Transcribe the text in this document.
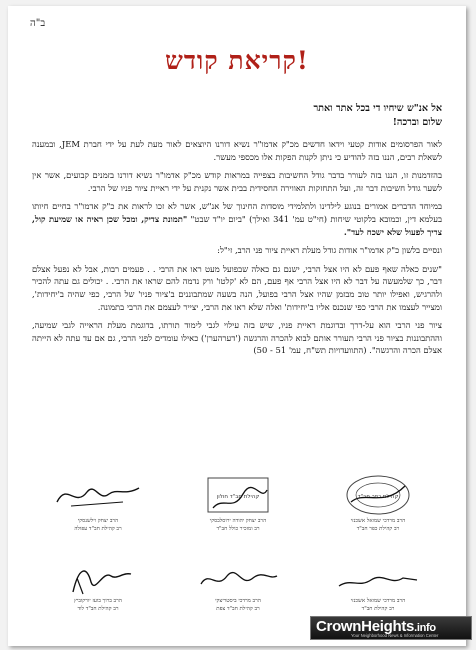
ב"ה
קריאת קודש!

אל אנ"ש שיחיו די בכל אתר ואתר

שלום וברכה!

לאור הפרסומים אודות קטעי וידאו חדשים מכ"ק אדמו"ר נשיא דורנו היוצאים לאור מעת לעת על ידי חברת JEM, ובמענה לשאלת רבים, הננו בזה להודיע כי ניתן לקנות הפקות אלו מכספי מעשר.

בהזדמנות זו, הננו בזה לעורר בדבר גודל החשיבות בצפייה במראות קודש מכ"ק אדמו"ר נשיא דורנו בזמנים קבועים, אשר אין לשער גודל חשיבות דבר זה, ועל התחזקות האווירה החסידית בבית אשר נקנית על ידי ראיית ציור פניו של הרבי.

במיוחד הדברים אמורים בנוגע לילדינו ולתלמידי מוסדות החינוך של אנ"ש, אשר לא זכו לראות את כ"ק אדמו"ר בחיים חיותו בעלמא דין, וכמובא בלקוטי שיחות (חי"ט עמ' 341 ואילך) "ביום יו"ד שבט" "תמונת צדיק, ומכל שכן ראיה או שמיעת קול, צריך לפעול שלא ישכח לעד".

ונסיים בלשון כ"ק אדמו"ר אודות גודל מעלת ראיית ציור פני הרב, זי"ל:

"שנים כאלה שאף פעם לא היו אצל הרבי, ישנם גם כאלה שבפועל מעט ראו את הרבי . . פעמים רבות, אבל לא נפעל אצלם דבר, כך שלמעשה על דבר לא היו אצל הרבי אף פעם, הם לא 'קלטו' ורק נדמה להם שראו את הרבי. . יכולים גם עתה להכיר ולהרגיש, ואפילו יותר טוב מבזמן שהיו אצל הרבי בפועל, הנה בשעה שמתבוננים ב'ציור פניו' של הרבי, כפי שהיה ב'יחידות', ומצייר לעצמו את הרבי כפי שנכנס אליו ב'יחידות' ואלה שלא ראו את הרבי, יצייר לעצמם את הרבי בתמונה.

ציור פני הרבי הוא על-דרך ובדוגמת ראיית פניו, שיש בזה עילוי לגבי לימוד תורתו, בדוגמת מעלת הראייה לגבי שמיעה, וההתבוננות בציור פני הרבי תעורר אותם לבוא להכרה והרגשה ('דערהערן') כאילו עומדים לפני הרבי, גם אם עד עתה לא הייתה אצלם הכרה והרגשה". (התוועדויות תש"ח, עמ' 51 - 50)

קהילת כפר חב"ד
הרב מרדכי שמואל אשכנזי
רב קהילת כפר חב"ד
קהילת חב"ד חולון
הרב יצחק יהודה ירוסלבסקי
רב ומזכיר כולל חב"ד
הרב יצחק וילשנסקי
רב קהילת חב"ד עפולה
הרב מרדכי שמואל אשכנזי
רב קהילת חב"ד
הרב מרדכי ביסטריצקי
רב קהילת חב"ד צפת
הרב ברוך בועז יורקוביץ
רב קהילת חב"ד לוד
CrownHeights.info
Your Neighborhood News & Information Center
